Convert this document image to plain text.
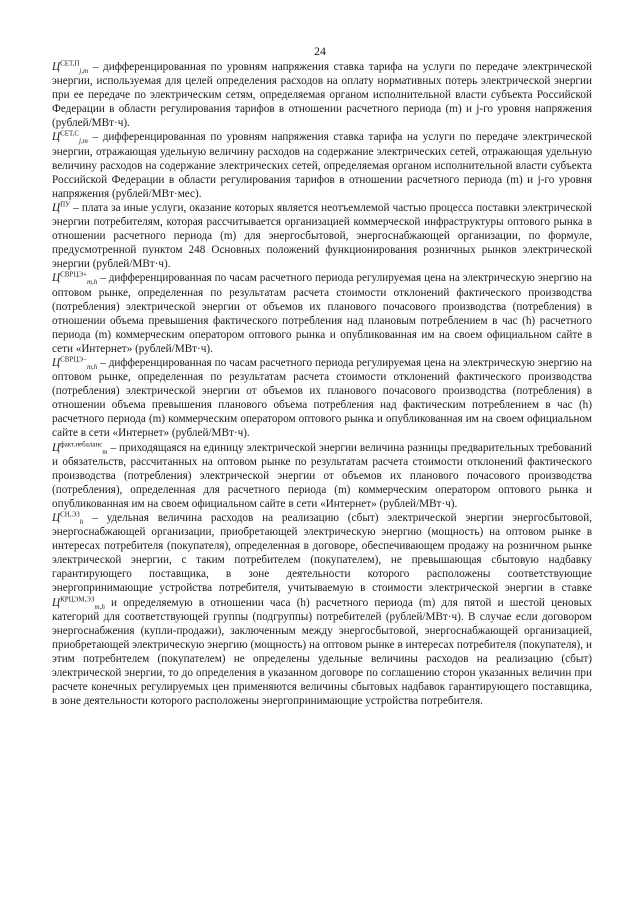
24

$Ц^{СЕТ,П}_{j,m}$ – дифференцированная по уровням напряжения ставка тарифа на услуги по передаче электрической энергии, используемая для целей определения расходов на оплату нормативных потерь электрической энергии при ее передаче по электрическим сетям, определяемая органом исполнительной власти субъекта Российской Федерации в области регулирования тарифов в отношении расчетного периода (m) и j-го уровня напряжения (рублей/МВт·ч).

$Ц^{СЕТ,С}_{j,m}$ – дифференцированная по уровням напряжения ставка тарифа на услуги по передаче электрической энергии, отражающая удельную величину расходов на содержание электрических сетей, отражающая удельную величину расходов на содержание электрических сетей, определяемая органом исполнительной власти субъекта Российской Федерации в области регулирования тарифов в отношении расчетного периода (m) и j-го уровня напряжения (рублей/МВт·мес).

$Ц^{ПУ}$ – плата за иные услуги, оказание которых является неотъемлемой частью процесса поставки электрической энергии потребителям, которая рассчитывается организацией коммерческой инфраструктуры оптового рынка в отношении расчетного периода (m) для энергосбытовой, энергоснабжающей организации, по формуле, предусмотренной пунктом 248 Основных положений функционирования розничных рынков электрической энергии (рублей/МВт·ч).

$Ц^{СВРЦЭ+}_{m,h}$ – дифференцированная по часам расчетного периода регулируемая цена на электрическую энергию на оптовом рынке, определенная по результатам расчета стоимости отклонений фактического производства (потребления) электрической энергии от объемов их планового почасового производства (потребления) в отношении объема превышения фактического потребления над плановым потреблением в час (h) расчетного периода (m) коммерческим оператором оптового рынка и опубликованная им на своем официальном сайте в сети «Интернет» (рублей/МВт·ч).

$Ц^{СВРЦЭ-}_{m,h}$ – дифференцированная по часам расчетного периода регулируемая цена на электрическую энергию на оптовом рынке, определенная по результатам расчета стоимости отклонений фактического производства (потребления) электрической энергии от объемов их планового почасового производства (потребления) в отношении объема превышения планового объема потребления над фактическим потреблением в час (h) расчетного периода (m) коммерческим оператором оптового рынка и опубликованная им на своем официальном сайте в сети «Интернет» (рублей/МВт·ч).

$Ц^{факт.небаланс}_m$ – приходящаяся на единицу электрической энергии величина разницы предварительных требований и обязательств, рассчитанных на оптовом рынке по результатам расчета стоимости отклонений фактического производства (потребления) электрической энергии от объемов их планового почасового производства (потребления), определенная для расчетного периода (m) коммерческим оператором оптового рынка и опубликованная им на своем официальном сайте в сети «Интернет» (рублей/МВт·ч).

$Ц^{СН,ЭЗ}_h$ – удельная величина расходов на реализацию (сбыт) электрической энергии энергосбытовой, энергоснабжающей организации, приобретающей электрическую энергию (мощность) на оптовом рынке в интересах потребителя (покупателя), определенная в договоре, обеспечивающем продажу на розничном рынке электрической энергии, с таким потребителем (покупателем), не превышающая сбытовую надбавку гарантирующего поставщика, в зоне деятельности которого расположены соответствующие энергопринимающие устройства потребителя, учитываемую в стоимости электрической энергии в ставке $Ц^{КРЦЭМ,ЭЗ}_{m,h}$ и определяемую в отношении часа (h) расчетного периода (m) для пятой и шестой ценовых категорий для соответствующей группы (подгруппы) потребителей (рублей/МВт·ч). В случае если договором энергоснабжения (купли-продажи), заключенным между энергосбытовой, энергоснабжающей организацией, приобретающей электрическую энергию (мощность) на оптовом рынке в интересах потребителя (покупателя), и этим потребителем (покупателем) не определены удельные величины расходов на реализацию (сбыт) электрической энергии, то до определения в указанном договоре по соглашению сторон указанных величин при расчете конечных регулируемых цен применяются величины сбытовых надбавок гарантирующего поставщика, в зоне деятельности которого расположены энергопринимающие устройства потребителя.
